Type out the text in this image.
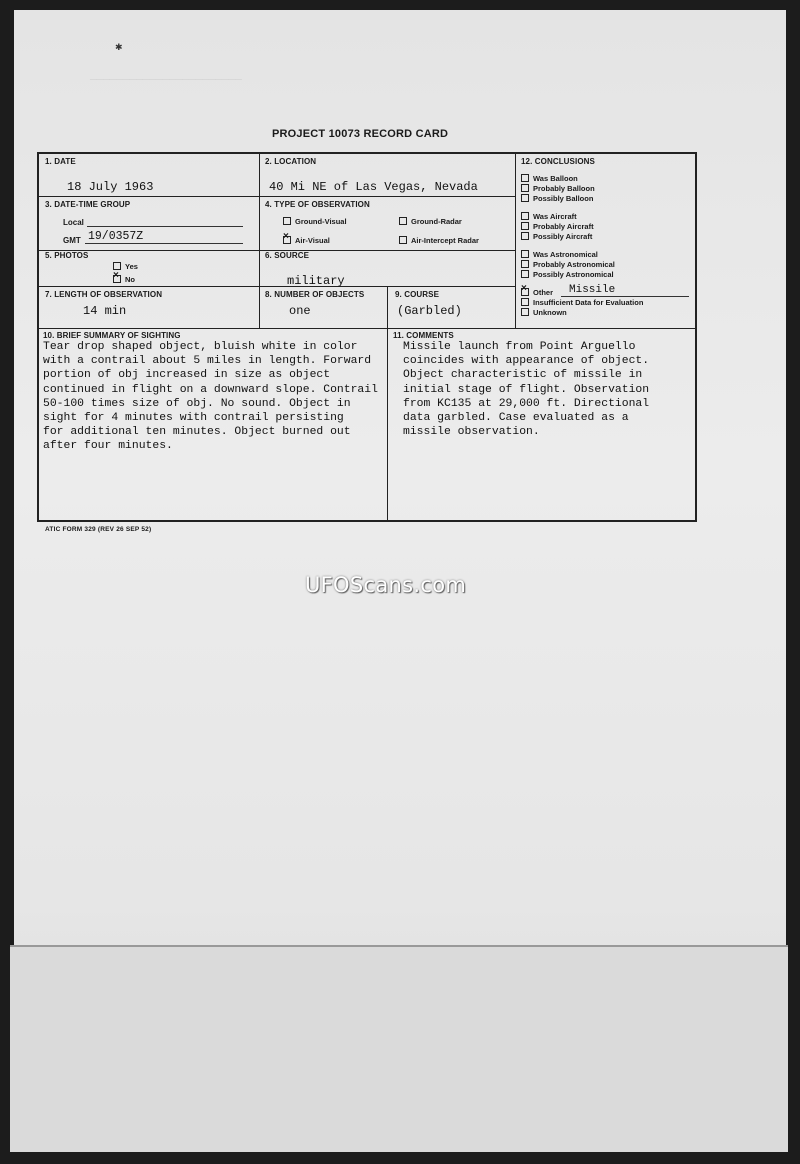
───────────────────────
✱
PROJECT 10073 RECORD CARD
1. DATE
18 July 1963
2. LOCATION
40 Mi NE of Las Vegas, Nevada
3. DATE-TIME GROUP
Local
GMT 19/0357Z
4. TYPE OF OBSERVATION
Ground-Visual	Ground-Radar
×Air-Visual	Air-Intercept Radar
5. PHOTOS
Yes
×No
6. SOURCE
military
7. LENGTH OF OBSERVATION
14 min
8. NUMBER OF OBJECTS
one
9. COURSE
(Garbled)
12. CONCLUSIONS
Was Balloon
Probably Balloon
Possibly Balloon
Was Aircraft
Probably Aircraft
Possibly Aircraft
Was Astronomical
Probably Astronomical
Possibly Astronomical
×Other Missile
Insufficient Data for Evaluation
Unknown
10. BRIEF SUMMARY OF SIGHTING
Tear drop shaped object, bluish white in color
with a contrail about 5 miles in length. Forward
portion of obj increased in size as object
continued in flight on a downward slope. Contrail
50-100 times size of obj. No sound. Object in
sight for 4 minutes with contrail persisting
for additional ten minutes. Object burned out
after four minutes.
11. COMMENTS
Missile launch from Point Arguello
coincides with appearance of object.
Object characteristic of missile in
initial stage of flight. Observation
from KC135 at 29,000 ft. Directional
data garbled. Case evaluated as a
missile observation.
ATIC FORM 329 (REV 26 SEP 52)
UFOScans.com
